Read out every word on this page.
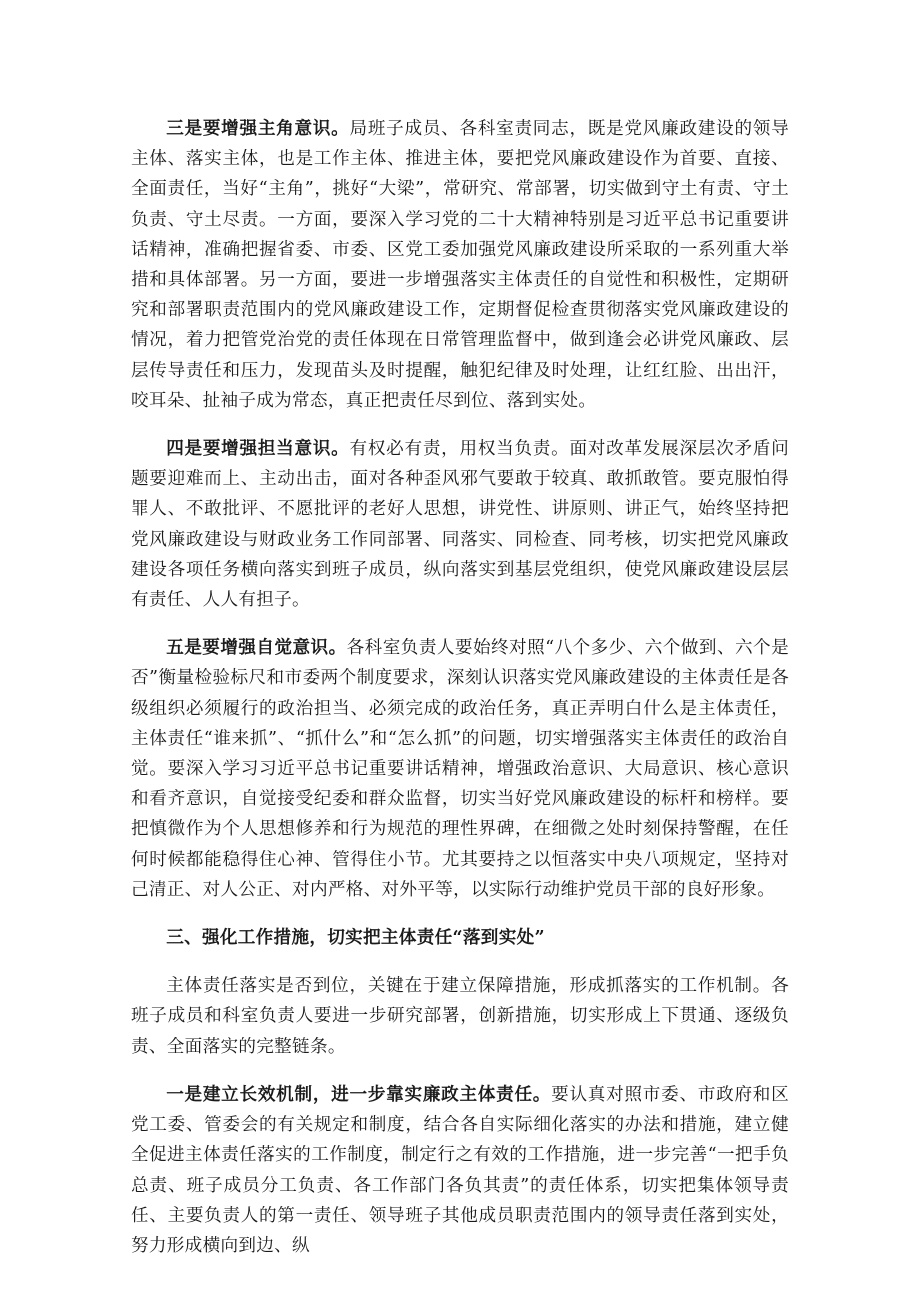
三是要增强主角意识。局班子成员、各科室责同志，既是党风廉政建设的领导主体、落实主体，也是工作主体、推进主体，要把党风廉政建设作为首要、直接、全面责任，当好“主角”，挑好“大梁”，常研究、常部署，切实做到守土有责、守土负责、守土尽责。一方面，要深入学习党的二十大精神特别是习近平总书记重要讲话精神，准确把握省委、市委、区党工委加强党风廉政建设所采取的一系列重大举措和具体部署。另一方面，要进一步增强落实主体责任的自觉性和积极性，定期研究和部署职责范围内的党风廉政建设工作，定期督促检查贯彻落实党风廉政建设的情况，着力把管党治党的责任体现在日常管理监督中，做到逢会必讲党风廉政、层层传导责任和压力，发现苗头及时提醒，触犯纪律及时处理，让红红脸、出出汗，咬耳朵、扯袖子成为常态，真正把责任尽到位、落到实处。

四是要增强担当意识。有权必有责，用权当负责。面对改革发展深层次矛盾问题要迎难而上、主动出击，面对各种歪风邪气要敢于较真、敢抓敢管。要克服怕得罪人、不敢批评、不愿批评的老好人思想，讲党性、讲原则、讲正气，始终坚持把党风廉政建设与财政业务工作同部署、同落实、同检查、同考核，切实把党风廉政建设各项任务横向落实到班子成员，纵向落实到基层党组织，使党风廉政建设层层有责任、人人有担子。

五是要增强自觉意识。各科室负责人要始终对照“八个多少、六个做到、六个是否”衡量检验标尺和市委两个制度要求，深刻认识落实党风廉政建设的主体责任是各级组织必须履行的政治担当、必须完成的政治任务，真正弄明白什么是主体责任，主体责任“谁来抓”、“抓什么”和“怎么抓”的问题，切实增强落实主体责任的政治自觉。要深入学习习近平总书记重要讲话精神，增强政治意识、大局意识、核心意识和看齐意识，自觉接受纪委和群众监督，切实当好党风廉政建设的标杆和榜样。要把慎微作为个人思想修养和行为规范的理性界碑，在细微之处时刻保持警醒，在任何时候都能稳得住心神、管得住小节。尤其要持之以恒落实中央八项规定，坚持对己清正、对人公正、对内严格、对外平等，以实际行动维护党员干部的良好形象。

三、强化工作措施，切实把主体责任“落到实处”

主体责任落实是否到位，关键在于建立保障措施，形成抓落实的工作机制。各班子成员和科室负责人要进一步研究部署，创新措施，切实形成上下贯通、逐级负责、全面落实的完整链条。

一是建立长效机制，进一步靠实廉政主体责任。要认真对照市委、市政府和区党工委、管委会的有关规定和制度，结合各自实际细化落实的办法和措施，建立健全促进主体责任落实的工作制度，制定行之有效的工作措施，进一步完善“一把手负总责、班子成员分工负责、各工作部门各负其责”的责任体系，切实把集体领导责任、主要负责人的第一责任、领导班子其他成员职责范围内的领导责任落到实处，努力形成横向到边、纵
